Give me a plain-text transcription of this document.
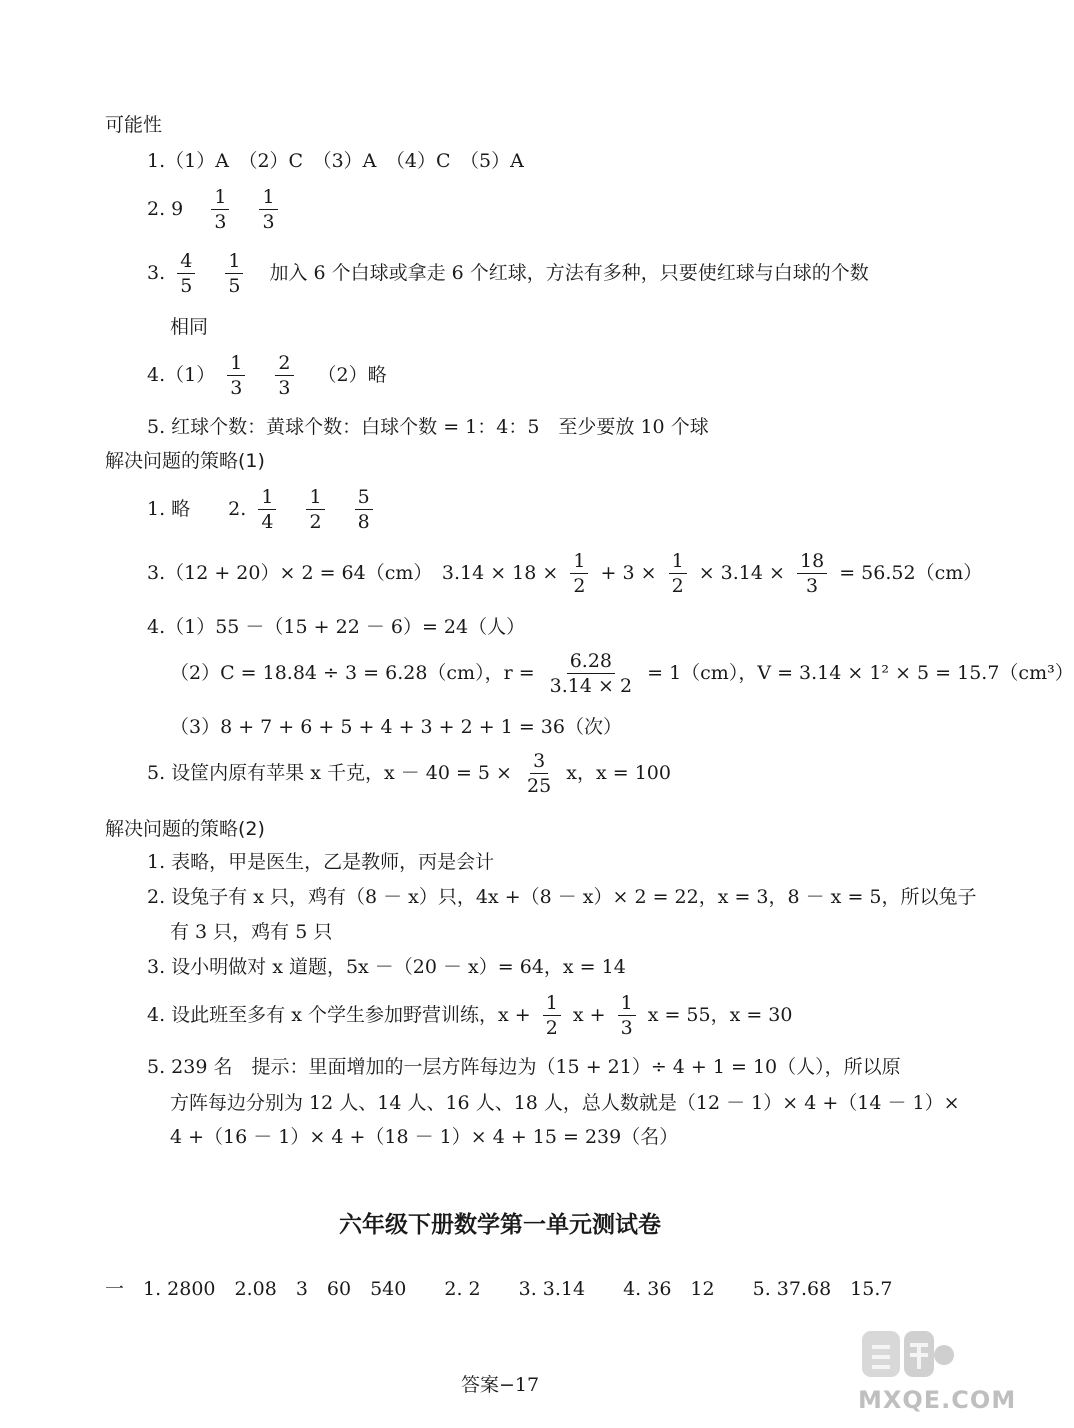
可能性
1.（1）A　（2）C　（3）A　（4）C　（5）A
2. $9 \frac{1}{3}$
$\frac{1}{3}$
3. $\frac{4}{5}$
$\frac{1}{5}$ 加入 6 个白球或拿走 6 个红球，方法有多种，只要使红球与白球的个数
相同
$4.(1) \frac{1}{3}$
$\frac{2}{3} (2)$略
5. 红球个数：黄球个数：白球个数 = 1：4：5　至少要放 10 个球
解决问题的策略(1)
1. 略　　2. $\frac{1}{4}$
$\frac{1}{2}$
$\frac{5}{8}$
3.（12 + 20）× 2 = 64（cm）　$3.14 \times 18 \times \frac{1}{2} + 3 \times \frac{1}{2} \times 3.14 \times \frac{18}{3} = 56.52(cm)$
4.（1）55 －（15 + 22 － 6）= 24（人）
（2）C = 18.84 ÷ 3 = 6.28（cm），$r = \frac{6.28}{3.14 \times 2} = 1(cm)$，V = 3.14 × 1² × 5 = 15.7（cm³）
（3）8 + 7 + 6 + 5 + 4 + 3 + 2 + 1 = 36（次）
5. 设筐内原有苹果 x 千克，$x - 40 = 5 \times \frac{3}{25}$ x，x = 100
解决问题的策略(2)
1. 表略，甲是医生，乙是教师，丙是会计
2. 设兔子有 x 只，鸡有（8 － x）只，4x +（8 － x）× 2 = 22，x = 3，8 － x = 5，所以兔子
有 3 只，鸡有 5 只
3. 设小明做对 x 道题，5x －（20 － x）= 64，x = 14
4. 设此班至多有 x 个学生参加野营训练，$x + \frac{1}{2}$ $x + \frac{1}{3}$ x = 55，x = 30
5. 239 名　提示：里面增加的一层方阵每边为（15 + 21）÷ 4 + 1 = 10（人），所以原
方阵每边分别为 12 人、14 人、16 人、18 人，总人数就是（12 － 1）× 4 +（14 － 1）×
4 +（16 － 1）× 4 +（18 － 1）× 4 + 15 = 239（名）
六年级下册数学第一单元测试卷
一　1. 2800　2.08　3　60　540　　2. 2　　3. 3.14　　4. 36　12　　5. 37.68　15.7
答案−17
MXQE.COM
